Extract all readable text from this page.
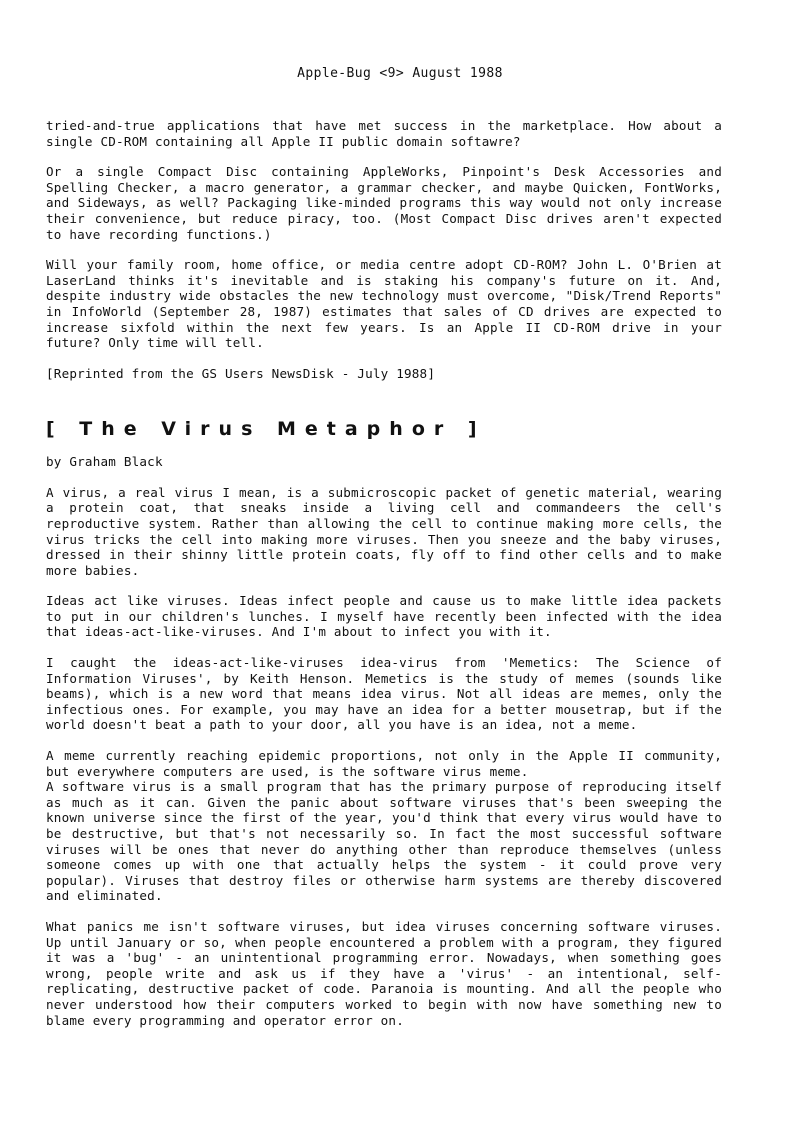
Apple-Bug <9> August 1988

tried-and-true applications that have met success in the marketplace. How about a single CD-ROM containing all Apple II public domain softawre?

Or a single Compact Disc containing AppleWorks, Pinpoint's Desk Accessories and Spelling Checker, a macro generator, a grammar checker, and maybe Quicken, FontWorks, and Sideways, as well? Packaging like-minded programs this way would not only increase their convenience, but reduce piracy, too. (Most Compact Disc drives aren't expected to have recording functions.)

Will your family room, home office, or media centre adopt CD-ROM? John L. O'Brien at LaserLand thinks it's inevitable and is staking his company's future on it. And, despite industry wide obstacles the new technology must overcome, "Disk/Trend Reports" in InfoWorld (September 28, 1987) estimates that sales of CD drives are expected to increase sixfold within the next few years. Is an Apple II CD-ROM drive in your future? Only time will tell.

[Reprinted from the GS Users NewsDisk - July 1988]

[ The Virus Metaphor ]

by Graham Black

A virus, a real virus I mean, is a submicroscopic packet of genetic material, wearing a protein coat, that sneaks inside a living cell and commandeers the cell's reproductive system. Rather than allowing the cell to continue making more cells, the virus tricks the cell into making more viruses. Then you sneeze and the baby viruses, dressed in their shinny little protein coats, fly off to find other cells and to make more babies.

Ideas act like viruses. Ideas infect people and cause us to make little idea packets to put in our children's lunches. I myself have recently been infected with the idea that ideas-act-like-viruses. And I'm about to infect you with it.

I caught the ideas-act-like-viruses idea-virus from 'Memetics: The Science of Information Viruses', by Keith Henson. Memetics is the study of memes (sounds like beams), which is a new word that means idea virus. Not all ideas are memes, only the infectious ones. For example, you may have an idea for a better mousetrap, but if the world doesn't beat a path to your door, all you have is an idea, not a meme.

A meme currently reaching epidemic proportions, not only in the Apple II community, but everywhere computers are used, is the software virus meme.

A software virus is a small program that has the primary purpose of reproducing itself as much as it can. Given the panic about software viruses that's been sweeping the known universe since the first of the year, you'd think that every virus would have to be destructive, but that's not necessarily so. In fact the most successful software viruses will be ones that never do anything other than reproduce themselves (unless someone comes up with one that actually helps the system - it could prove very popular). Viruses that destroy files or otherwise harm systems are thereby discovered and eliminated.

What panics me isn't software viruses, but idea viruses concerning software viruses. Up until January or so, when people encountered a problem with a program, they figured it was a 'bug' - an unintentional programming error. Nowadays, when something goes wrong, people write and ask us if they have a 'virus' - an intentional, self-replicating, destructive packet of code. Paranoia is mounting. And all the people who never understood how their computers worked to begin with now have something new to blame every programming and operator error on.
